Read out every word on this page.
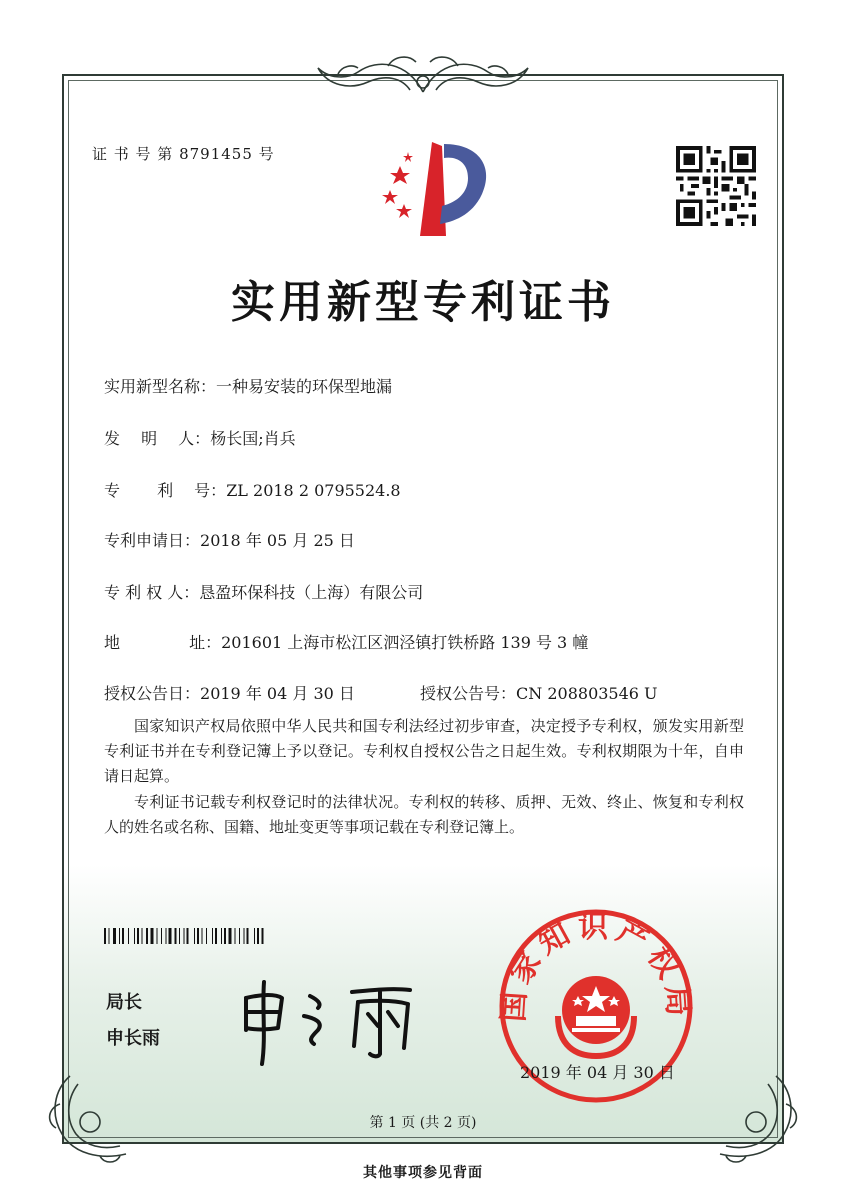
证 书 号 第 8791455 号
实用新型专利证书
实用新型名称：一种易安装的环保型地漏
发　 明　 人：杨长国;肖兵
专　　 利　 号：ZL 2018 2 0795524.8
专利申请日：2018 年 05 月 25 日
专 利 权 人：恳盈环保科技（上海）有限公司
地　　　　 址：201601 上海市松江区泗泾镇打铁桥路 139 号 3 幢
授权公告日：2019 年 04 月 30 日	授权公告号：CN 208803546 U
国家知识产权局依照中华人民共和国专利法经过初步审查，决定授予专利权，颁发实用新型专利证书并在专利登记簿上予以登记。专利权自授权公告之日起生效。专利权期限为十年，自申请日起算。
专利证书记载专利权登记时的法律状况。专利权的转移、质押、无效、终止、恢复和专利权人的姓名或名称、国籍、地址变更等事项记载在专利登记簿上。
局长
申长雨
国家知识产权局
2019 年 04 月 30 日
第 1 页 (共 2 页)
其他事项参见背面
